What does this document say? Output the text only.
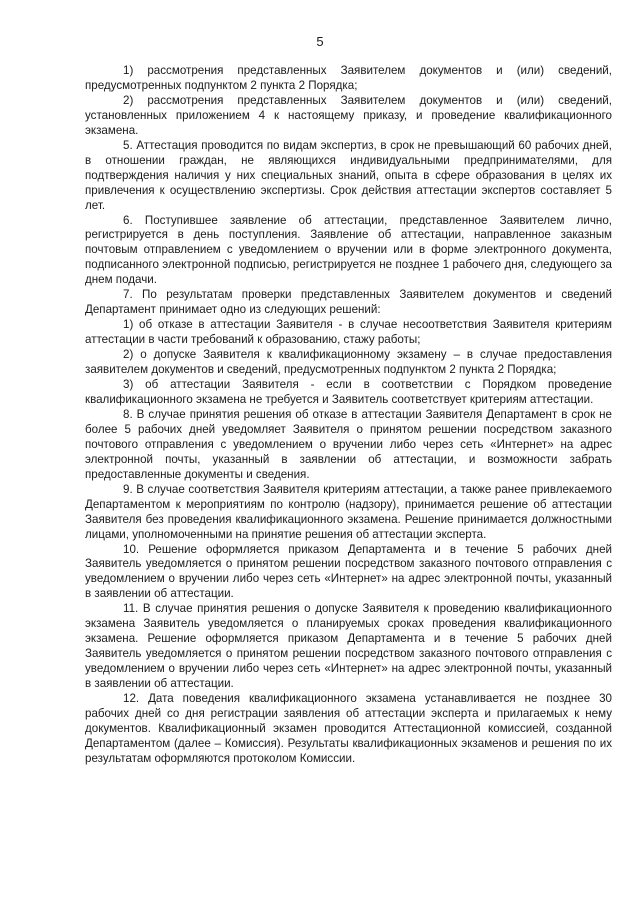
5

1) рассмотрения представленных Заявителем документов и (или) сведений, предусмотренных подпунктом 2 пункта 2 Порядка;

2) рассмотрения представленных Заявителем документов и (или) сведений, установленных приложением 4 к настоящему приказу, и проведение квалификационного экзамена.

5. Аттестация проводится по видам экспертиз, в срок не превышающий 60 рабочих дней, в отношении граждан, не являющихся индивидуальными предпринимателями, для подтверждения наличия у них специальных знаний, опыта в сфере образования в целях их привлечения к осуществлению экспертизы. Срок действия аттестации экспертов составляет 5 лет.

6. Поступившее заявление об аттестации, представленное Заявителем лично, регистрируется в день поступления. Заявление об аттестации, направленное заказным почтовым отправлением с уведомлением о вручении или в форме электронного документа, подписанного электронной подписью, регистрируется не позднее 1 рабочего дня, следующего за днем подачи.

7. По результатам проверки представленных Заявителем документов и сведений Департамент принимает одно из следующих решений:

1) об отказе в аттестации Заявителя - в случае несоответствия Заявителя критериям аттестации в части требований к образованию, стажу работы;

2) о допуске Заявителя к квалификационному экзамену – в случае предоставления заявителем документов и сведений, предусмотренных подпунктом 2 пункта 2 Порядка;

3) об аттестации Заявителя - если в соответствии с Порядком проведение квалификационного экзамена не требуется и Заявитель соответствует критериям аттестации.

8. В случае принятия решения об отказе в аттестации Заявителя Департамент в срок не более 5 рабочих дней уведомляет Заявителя о принятом решении посредством заказного почтового отправления с уведомлением о вручении либо через сеть «Интернет» на адрес электронной почты, указанный в заявлении об аттестации, и возможности забрать предоставленные документы и сведения.

9. В случае соответствия Заявителя критериям аттестации, а также ранее привлекаемого Департаментом к мероприятиям по контролю (надзору), принимается решение об аттестации Заявителя без проведения квалификационного экзамена. Решение принимается должностными лицами, уполномоченными на принятие решения об аттестации эксперта.

10. Решение оформляется приказом Департамента и в течение 5 рабочих дней Заявитель уведомляется о принятом решении посредством заказного почтового отправления с уведомлением о вручении либо через сеть «Интернет» на адрес электронной почты, указанный в заявлении об аттестации.

11. В случае принятия решения о допуске Заявителя к проведению квалификационного экзамена Заявитель уведомляется о планируемых сроках проведения квалификационного экзамена. Решение оформляется приказом Департамента и в течение 5 рабочих дней Заявитель уведомляется о принятом решении посредством заказного почтового отправления с уведомлением о вручении либо через сеть «Интернет» на адрес электронной почты, указанный в заявлении об аттестации.

12. Дата поведения квалификационного экзамена устанавливается не позднее 30 рабочих дней со дня регистрации заявления об аттестации эксперта и прилагаемых к нему документов. Квалификационный экзамен проводится Аттестационной комиссией, созданной Департаментом (далее – Комиссия). Результаты квалификационных экзаменов и решения по их результатам оформляются протоколом Комиссии.
